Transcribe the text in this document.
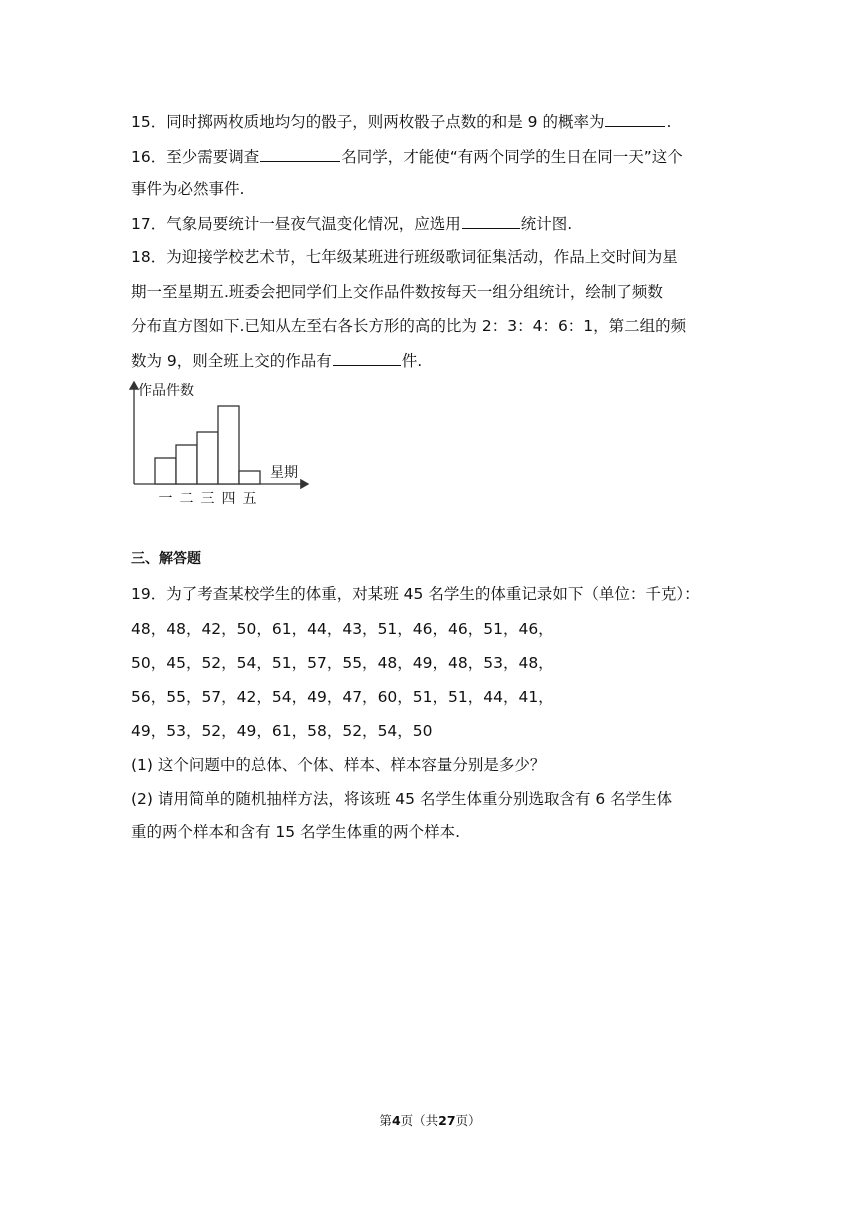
15．同时掷两枚质地均匀的骰子，则两枚骰子点数的和是 9 的概率为	.
16．至少需要调查	名同学，才能使“有两个同学的生日在同一天”这个
事件为必然事件.
17．气象局要统计一昼夜气温变化情况，应选用	统计图.
18．为迎接学校艺术节，七年级某班进行班级歌词征集活动，作品上交时间为星
期一至星期五.班委会把同学们上交作品件数按每天一组分组统计，绘制了频数
分布直方图如下.已知从左至右各长方形的高的比为 2：3：4：6：1，第二组的频
数为 9，则全班上交的作品有	件.
作品件数
星期
一 二 三 四 五
三、解答题
19．为了考查某校学生的体重，对某班 45 名学生的体重记录如下（单位：千克）：
48，48，42，50，61，44，43，51，46，46，51，46，
50，45，52，54，51，57，55，48，49，48，53，48，
56，55，57，42，54，49，47，60，51，51，44，41，
49，53，52，49，61，58，52，54，50
(1) 这个问题中的总体、个体、样本、样本容量分别是多少？
(2) 请用简单的随机抽样方法，将该班 45 名学生体重分别选取含有 6 名学生体
重的两个样本和含有 15 名学生体重的两个样本.
第4页（共27页）
